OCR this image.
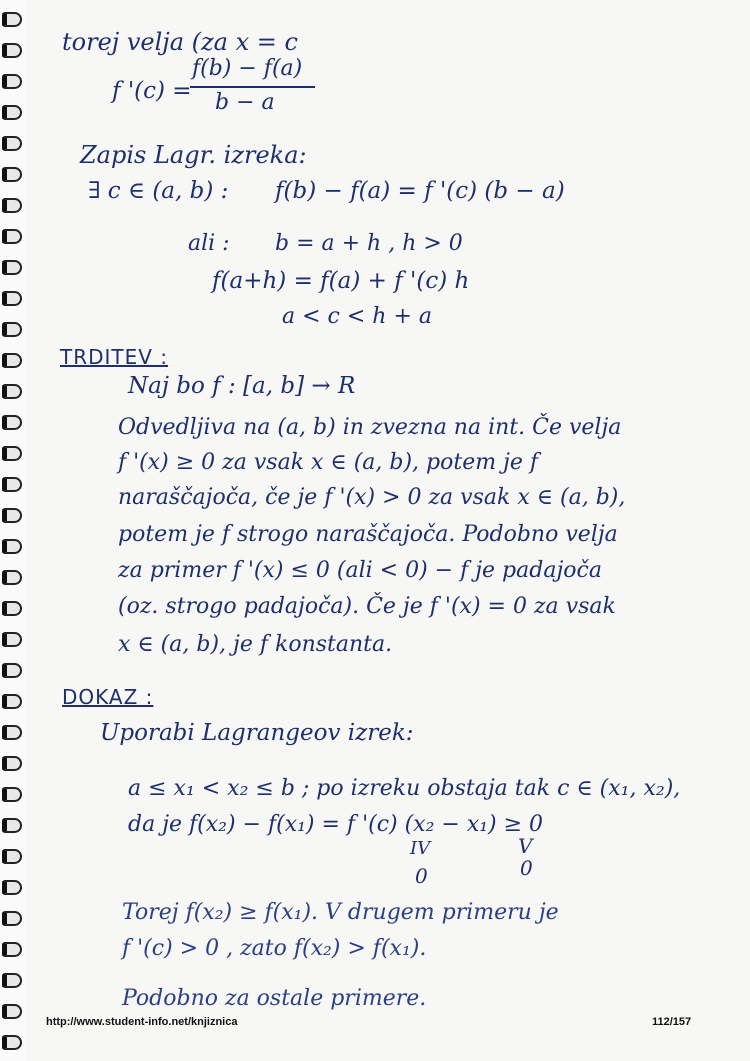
torej velja (za x = c
f '(c) =
f(b) − f(a)
b − a
Zapis Lagr. izreka:
∃ c ∈ (a, b) : f(b) − f(a) = f '(c) (b − a)
ali : b = a + h , h > 0
f(a+h) = f(a) + f '(c) h
a < c < h + a
TRDITEV :
Naj bo f : [a, b] → R
Odvedljiva na (a, b) in zvezna na int. Če velja
f '(x) ≥ 0 za vsak x ∈ (a, b), potem je f
naraščajoča, če je f '(x) > 0 za vsak x ∈ (a, b),
potem je f strogo naraščajoča. Podobno velja
za primer f '(x) ≤ 0 (ali < 0) − f je padajoča
(oz. strogo padajoča). Če je f '(x) = 0 za vsak
x ∈ (a, b), je f konstanta.
DOKAZ :
Uporabi Lagrangeov izrek:
a ≤ x₁ < x₂ ≤ b ; po izreku obstaja tak c ∈ (x₁, x₂),
da je f(x₂) − f(x₁) = f '(c) (x₂ − x₁) ≥ 0
IV	V
0	0
Torej f(x₂) ≥ f(x₁). V drugem primeru je
f '(c) > 0 , zato f(x₂) > f(x₁).
Podobno za ostale primere.
http://www.student-info.net/knjiznica	112/157
